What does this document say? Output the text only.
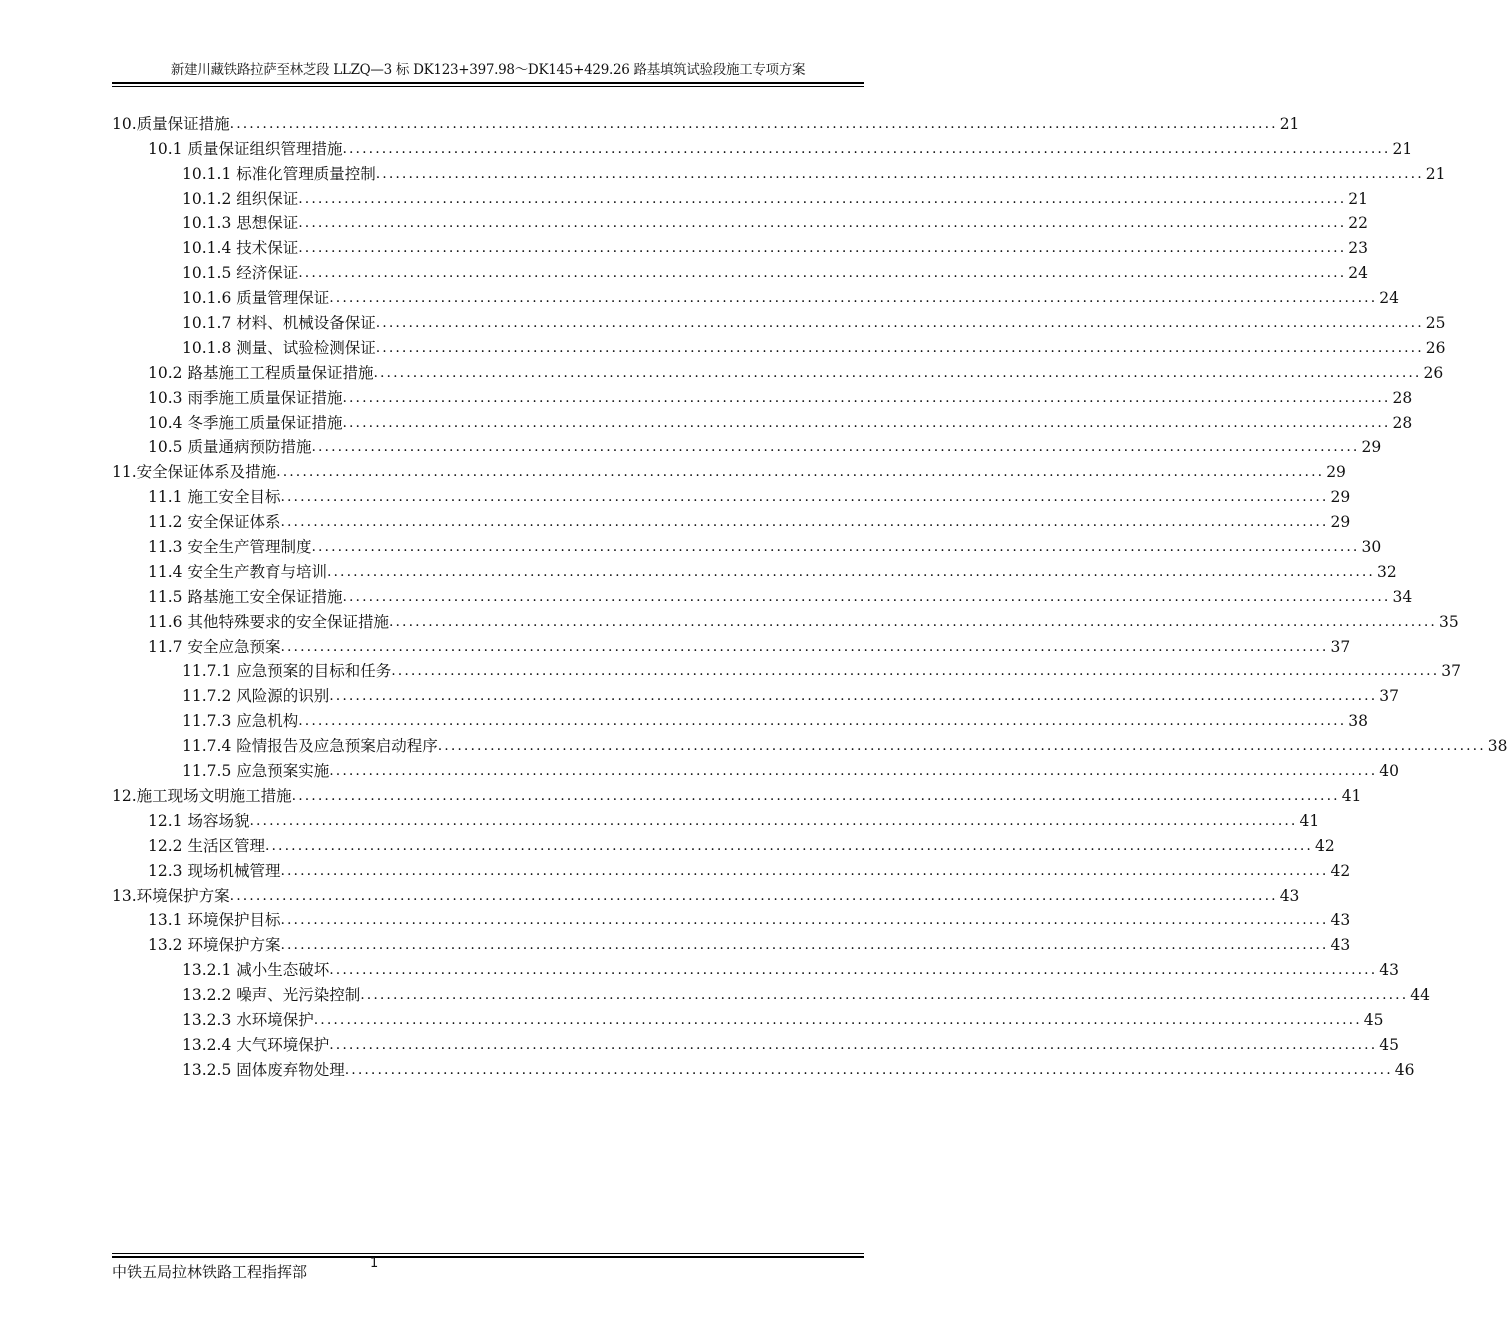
新建川藏铁路拉萨至林芝段 LLZQ—3 标 DK123+397.98～DK145+429.26 路基填筑试验段施工专项方案
10.质量保证措施 ................................................................................................................................................................ 21
10.1 质量保证组织管理措施 ................................................................................................................................................................ 21
10.1.1 标准化管理质量控制 ................................................................................................................................................................ 21
10.1.2 组织保证 ................................................................................................................................................................ 21
10.1.3 思想保证 ................................................................................................................................................................ 22
10.1.4 技术保证 ................................................................................................................................................................ 23
10.1.5 经济保证 ................................................................................................................................................................ 24
10.1.6 质量管理保证 ................................................................................................................................................................ 24
10.1.7 材料、机械设备保证 ................................................................................................................................................................ 25
10.1.8 测量、试验检测保证 ................................................................................................................................................................ 26
10.2 路基施工工程质量保证措施 ................................................................................................................................................................ 26
10.3 雨季施工质量保证措施 ................................................................................................................................................................ 28
10.4 冬季施工质量保证措施 ................................................................................................................................................................ 28
10.5 质量通病预防措施 ................................................................................................................................................................ 29
11.安全保证体系及措施 ................................................................................................................................................................ 29
11.1 施工安全目标 ................................................................................................................................................................ 29
11.2 安全保证体系 ................................................................................................................................................................ 29
11.3 安全生产管理制度 ................................................................................................................................................................ 30
11.4 安全生产教育与培训 ................................................................................................................................................................ 32
11.5 路基施工安全保证措施 ................................................................................................................................................................ 34
11.6 其他特殊要求的安全保证措施 ................................................................................................................................................................ 35
11.7 安全应急预案 ................................................................................................................................................................ 37
11.7.1 应急预案的目标和任务 ................................................................................................................................................................ 37
11.7.2 风险源的识别 ................................................................................................................................................................ 37
11.7.3 应急机构 ................................................................................................................................................................ 38
11.7.4 险情报告及应急预案启动程序 ................................................................................................................................................................ 38
11.7.5 应急预案实施 ................................................................................................................................................................ 40
12.施工现场文明施工措施 ................................................................................................................................................................ 41
12.1 场容场貌 ................................................................................................................................................................ 41
12.2 生活区管理 ................................................................................................................................................................ 42
12.3 现场机械管理 ................................................................................................................................................................ 42
13.环境保护方案 ................................................................................................................................................................ 43
13.1 环境保护目标 ................................................................................................................................................................ 43
13.2 环境保护方案 ................................................................................................................................................................ 43
13.2.1 减小生态破坏 ................................................................................................................................................................ 43
13.2.2 噪声、光污染控制 ................................................................................................................................................................ 44
13.2.3 水环境保护 ................................................................................................................................................................ 45
13.2.4 大气环境保护 ................................................................................................................................................................ 45
13.2.5 固体废弃物处理 ................................................................................................................................................................ 46
中铁五局拉林铁路工程指挥部	1
